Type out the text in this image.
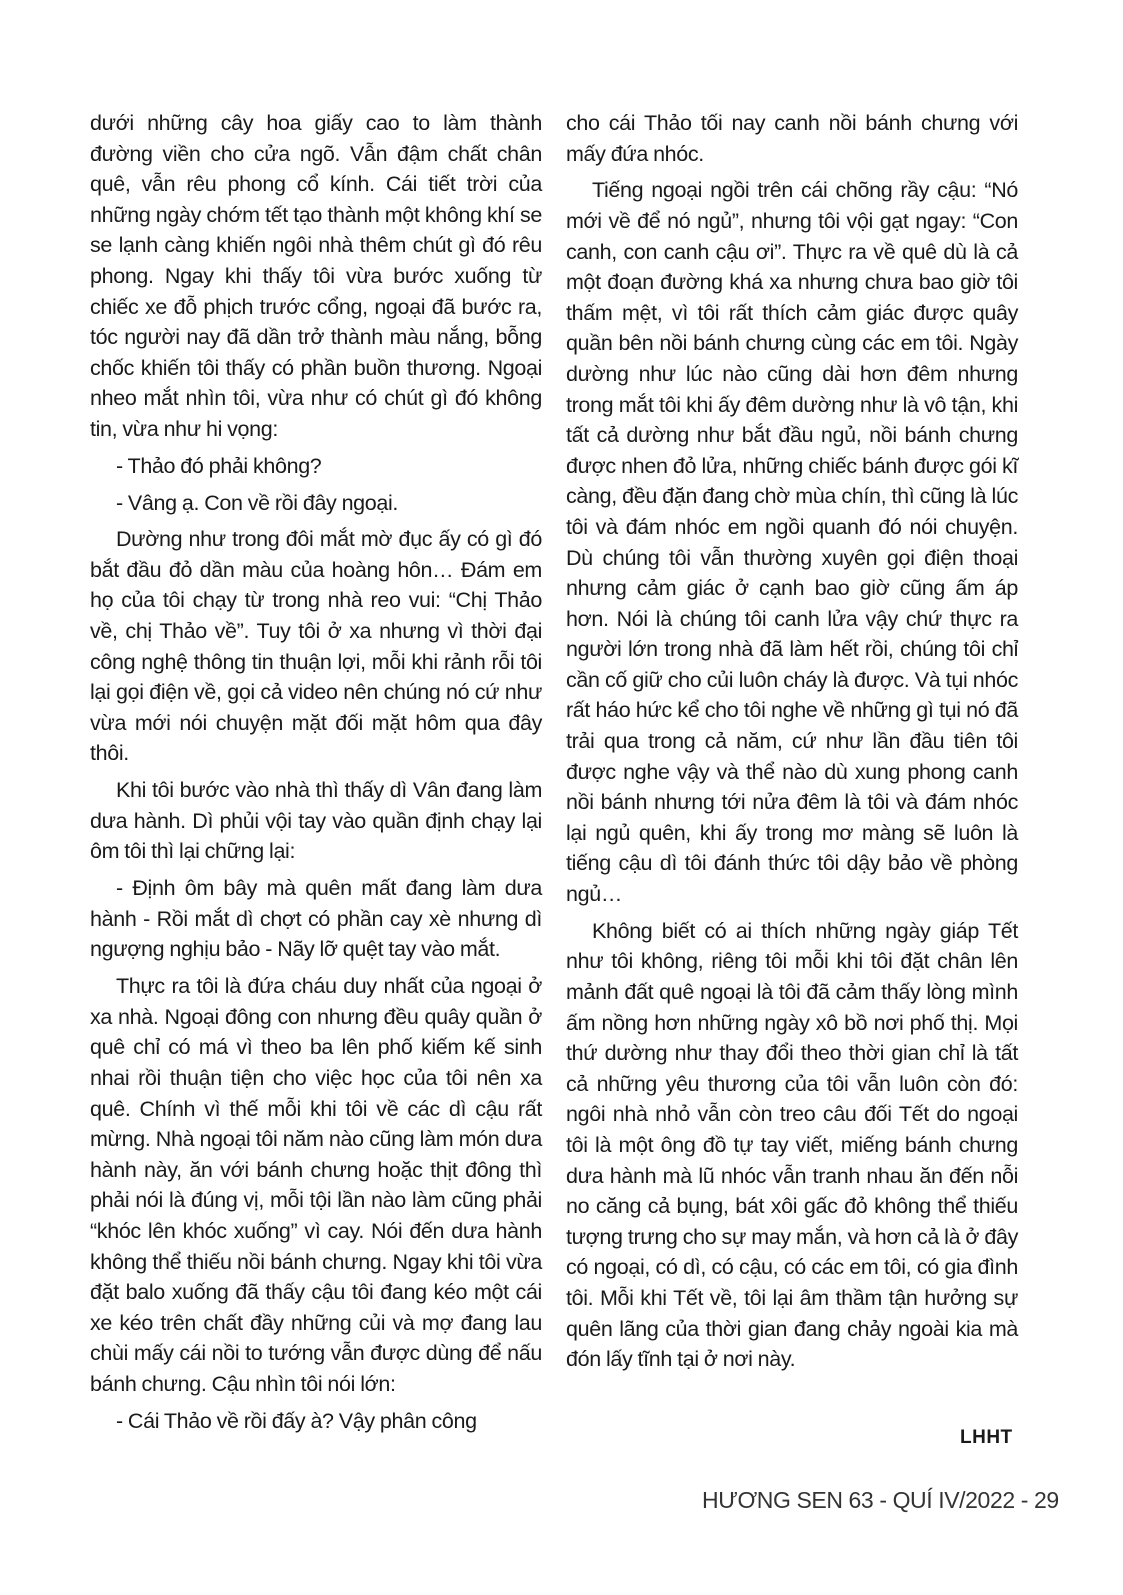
dưới những cây hoa giấy cao to làm thành đường viền cho cửa ngõ. Vẫn đậm chất chân quê, vẫn rêu phong cổ kính. Cái tiết trời của những ngày chớm tết tạo thành một không khí se se lạnh càng khiến ngôi nhà thêm chút gì đó rêu phong. Ngay khi thấy tôi vừa bước xuống từ chiếc xe đỗ phịch trước cổng, ngoại đã bước ra, tóc người nay đã dần trở thành màu nắng, bỗng chốc khiến tôi thấy có phần buồn thương. Ngoại nheo mắt nhìn tôi, vừa như có chút gì đó không tin, vừa như hi vọng:

- Thảo đó phải không?

- Vâng ạ. Con về rồi đây ngoại.

Dường như trong đôi mắt mờ đục ấy có gì đó bắt đầu đỏ dần màu của hoàng hôn… Đám em họ của tôi chạy từ trong nhà reo vui: “Chị Thảo về, chị Thảo về”. Tuy tôi ở xa nhưng vì thời đại công nghệ thông tin thuận lợi, mỗi khi rảnh rỗi tôi lại gọi điện về, gọi cả video nên chúng nó cứ như vừa mới nói chuyện mặt đối mặt hôm qua đây thôi.

Khi tôi bước vào nhà thì thấy dì Vân đang làm dưa hành. Dì phủi vội tay vào quần định chạy lại ôm tôi thì lại chững lại:

- Định ôm bây mà quên mất đang làm dưa hành - Rồi mắt dì chợt có phần cay xè nhưng dì ngượng nghịu bảo - Nãy lỡ quệt tay vào mắt.

Thực ra tôi là đứa cháu duy nhất của ngoại ở xa nhà. Ngoại đông con nhưng đều quây quần ở quê chỉ có má vì theo ba lên phố kiếm kế sinh nhai rồi thuận tiện cho việc học của tôi nên xa quê. Chính vì thế mỗi khi tôi về các dì cậu rất mừng. Nhà ngoại tôi năm nào cũng làm món dưa hành này, ăn với bánh chưng hoặc thịt đông thì phải nói là đúng vị, mỗi tội lần nào làm cũng phải “khóc lên khóc xuống” vì cay. Nói đến dưa hành không thể thiếu nồi bánh chưng. Ngay khi tôi vừa đặt balo xuống đã thấy cậu tôi đang kéo một cái xe kéo trên chất đầy những củi và mợ đang lau chùi mấy cái nồi to tướng vẫn được dùng để nấu bánh chưng. Cậu nhìn tôi nói lớn:

- Cái Thảo về rồi đấy à? Vậy phân công

cho cái Thảo tối nay canh nồi bánh chưng với mấy đứa nhóc.

Tiếng ngoại ngồi trên cái chõng rầy cậu: “Nó mới về để nó ngủ”, nhưng tôi vội gạt ngay: “Con canh, con canh cậu ơi”. Thực ra về quê dù là cả một đoạn đường khá xa nhưng chưa bao giờ tôi thấm mệt, vì tôi rất thích cảm giác được quây quần bên nồi bánh chưng cùng các em tôi. Ngày dường như lúc nào cũng dài hơn đêm nhưng trong mắt tôi khi ấy đêm dường như là vô tận, khi tất cả dường như bắt đầu ngủ, nồi bánh chưng được nhen đỏ lửa, những chiếc bánh được gói kĩ càng, đều đặn đang chờ mùa chín, thì cũng là lúc tôi và đám nhóc em ngồi quanh đó nói chuyện. Dù chúng tôi vẫn thường xuyên gọi điện thoại nhưng cảm giác ở cạnh bao giờ cũng ấm áp hơn. Nói là chúng tôi canh lửa vậy chứ thực ra người lớn trong nhà đã làm hết rồi, chúng tôi chỉ cần cố giữ cho củi luôn cháy là được. Và tụi nhóc rất háo hức kể cho tôi nghe về những gì tụi nó đã trải qua trong cả năm, cứ như lần đầu tiên tôi được nghe vậy và thể nào dù xung phong canh nồi bánh nhưng tới nửa đêm là tôi và đám nhóc lại ngủ quên, khi ấy trong mơ màng sẽ luôn là tiếng cậu dì tôi đánh thức tôi dậy bảo về phòng ngủ…

Không biết có ai thích những ngày giáp Tết như tôi không, riêng tôi mỗi khi tôi đặt chân lên mảnh đất quê ngoại là tôi đã cảm thấy lòng mình ấm nồng hơn những ngày xô bồ nơi phố thị. Mọi thứ dường như thay đổi theo thời gian chỉ là tất cả những yêu thương của tôi vẫn luôn còn đó: ngôi nhà nhỏ vẫn còn treo câu đối Tết do ngoại tôi là một ông đồ tự tay viết, miếng bánh chưng dưa hành mà lũ nhóc vẫn tranh nhau ăn đến nỗi no căng cả bụng, bát xôi gấc đỏ không thể thiếu tượng trưng cho sự may mắn, và hơn cả là ở đây có ngoại, có dì, có cậu, có các em tôi, có gia đình tôi. Mỗi khi Tết về, tôi lại âm thầm tận hưởng sự quên lãng của thời gian đang chảy ngoài kia mà đón lấy tĩnh tại ở nơi này.

LHHT
HƯƠNG SEN 63 - QUÍ IV/2022 - 29
